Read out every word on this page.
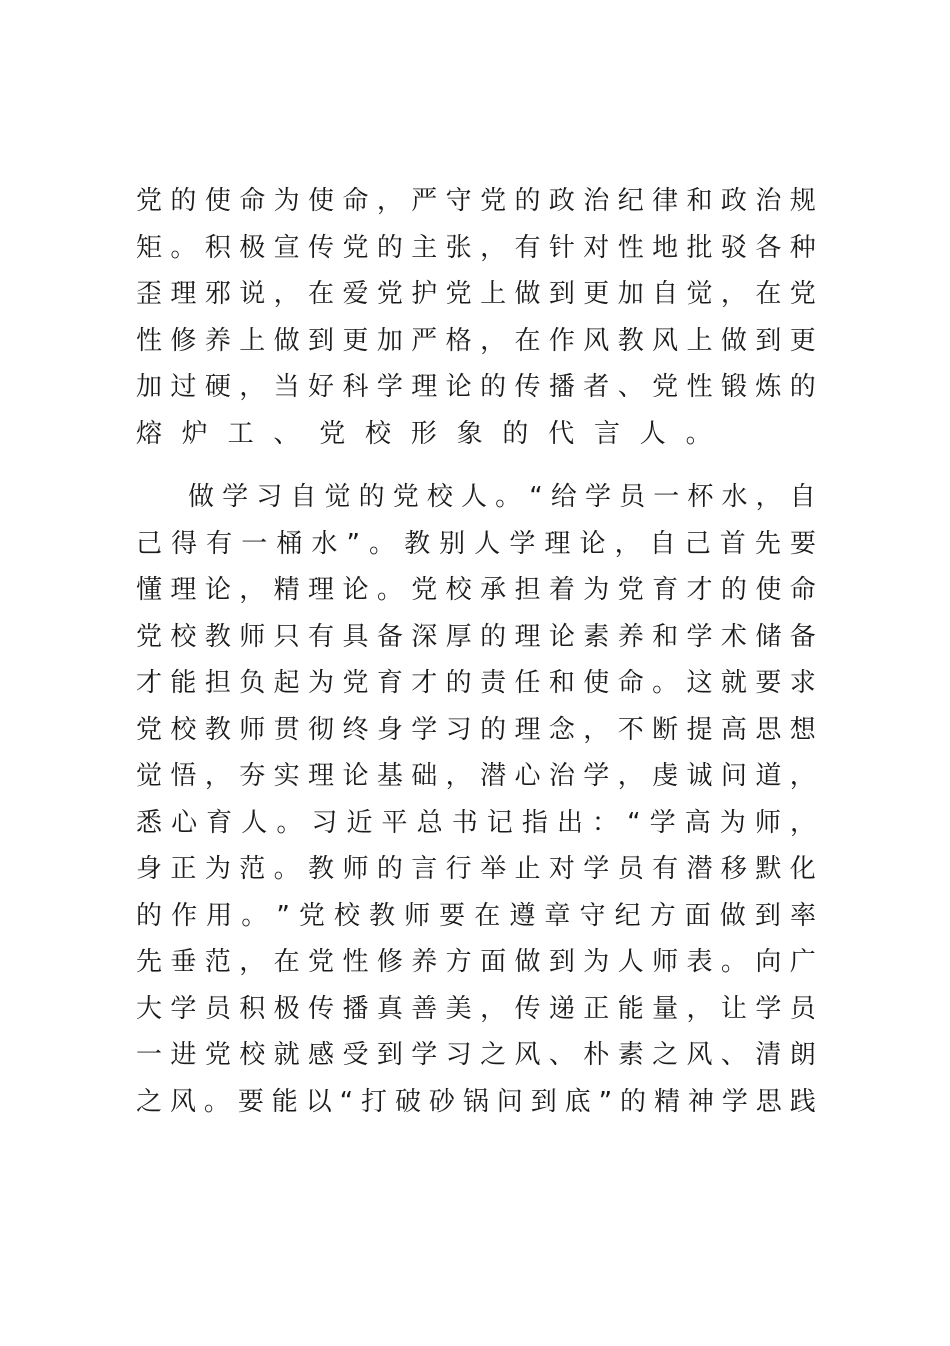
党 的 使 命 为 使 命 ， 严 守 党 的 政 治 纪 律 和 政 治 规
矩 。 积 极 宣 传 党 的 主 张 ， 有 针 对 性 地 批 驳 各 种
歪 理 邪 说 ， 在 爱 党 护 党 上 做 到 更 加 自 觉 ， 在 党
性 修 养 上 做 到 更 加 严 格 ， 在 作 风 教 风 上 做 到 更
加 过 硬 ， 当 好 科 学 理 论 的 传 播 者 、 党 性 锻 炼 的
熔炉工、党校形象的代言人。
做 学 习 自 觉 的 党 校 人 。 “ 给 学 员 一 杯 水 ， 自
己 得 有 一 桶 水 ” 。 教 别 人 学 理 论 ， 自 己 首 先 要
懂 理 论 ， 精 理 论 。 党 校 承 担 着 为 党 育 才 的 使 命
党 校 教 师 只 有 具 备 深 厚 的 理 论 素 养 和 学 术 储 备
才 能 担 负 起 为 党 育 才 的 责 任 和 使 命 。 这 就 要 求
党 校 教 师 贯 彻 终 身 学 习 的 理 念 ， 不 断 提 高 思 想
觉 悟 ， 夯 实 理 论 基 础 ， 潜 心 治 学 ， 虔 诚 问 道 ，
悉 心 育 人 。 习 近 平 总 书 记 指 出 ： “ 学 高 为 师 ，
身 正 为 范 。 教 师 的 言 行 举 止 对 学 员 有 潜 移 默 化
的 作 用 。 ” 党 校 教 师 要 在 遵 章 守 纪 方 面 做 到 率
先 垂 范 ， 在 党 性 修 养 方 面 做 到 为 人 师 表 。 向 广
大 学 员 积 极 传 播 真 善 美 ， 传 递 正 能 量 ， 让 学 员
一 进 党 校 就 感 受 到 学 习 之 风 、 朴 素 之 风 、 清 朗
之 风 。 要 能 以 “ 打 破 砂 锅 问 到 底 ” 的 精 神 学 思 践
